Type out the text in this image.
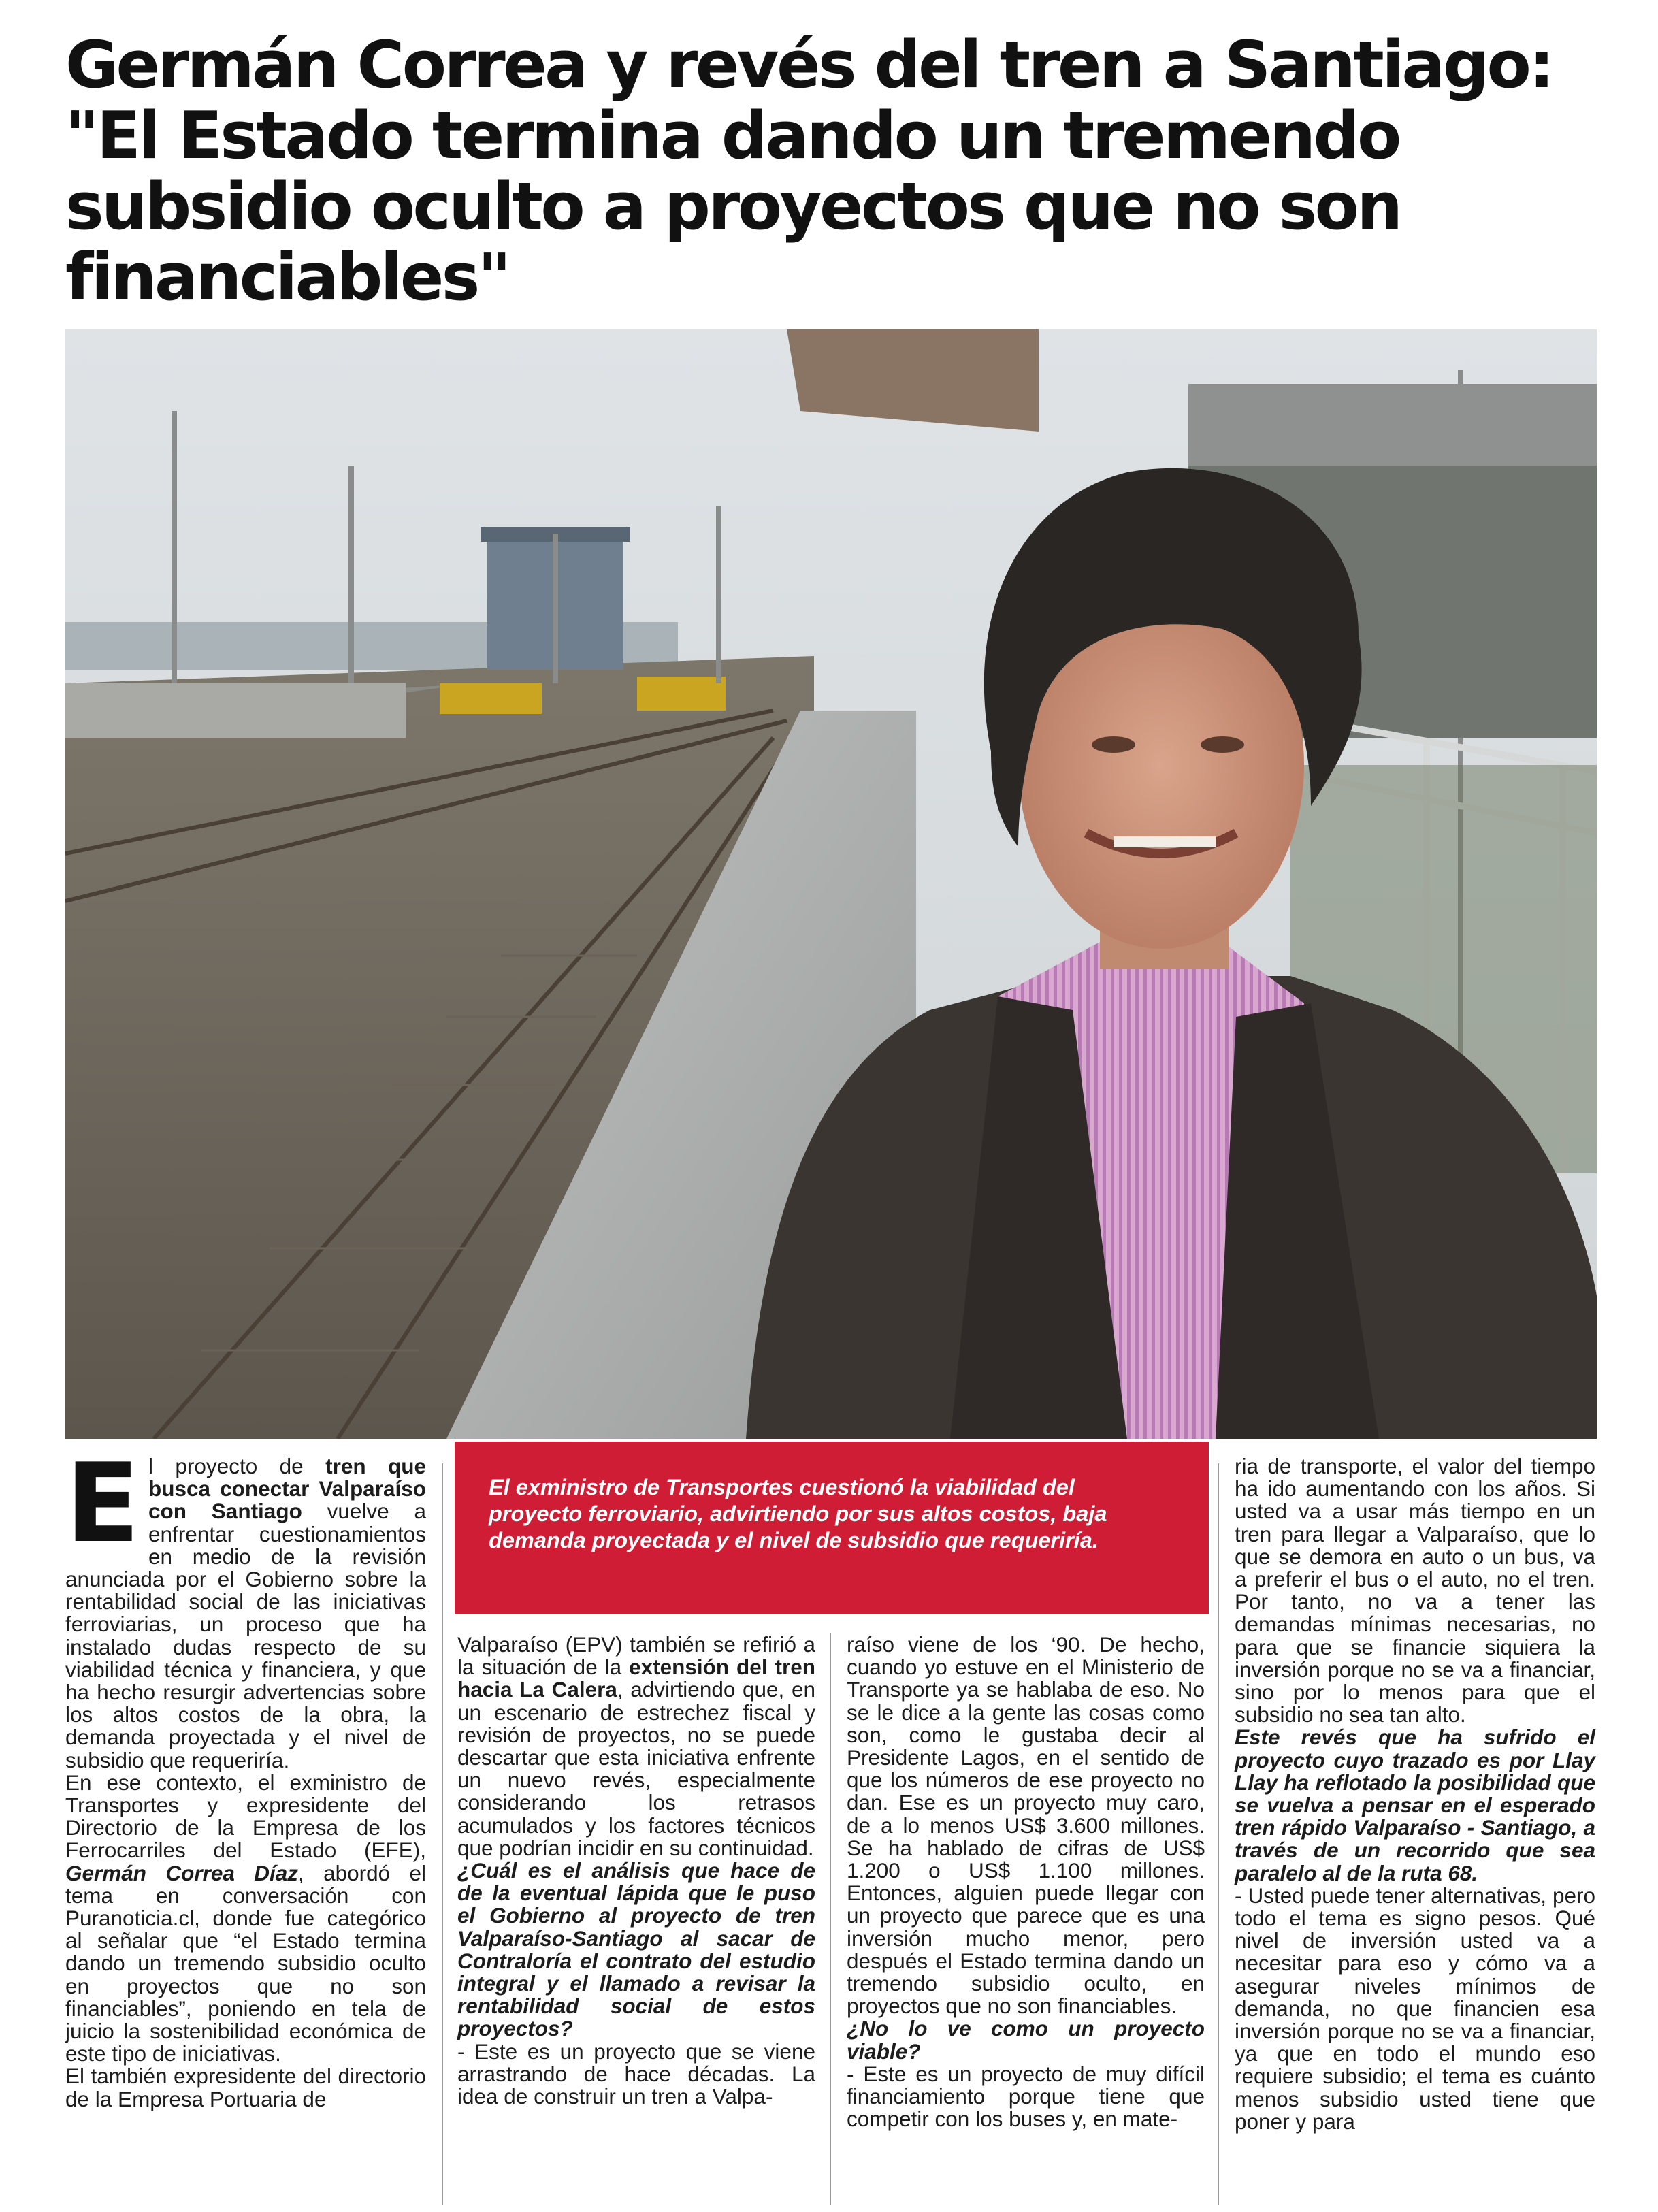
Germán Correa y revés del tren a Santiago: "El Estado termina dando un tremendo subsidio oculto a proyectos que no son financiables"
El exministro de Transportes cuestionó la viabilidad del proyecto ferroviario, advirtiendo por sus altos costos, baja demanda proyectada y el nivel de subsidio que requeriría.

El proyecto de tren que busca conectar Valparaíso con Santiago vuelve a enfrentar cuestionamientos en medio de la revisión anunciada por el Gobierno sobre la rentabilidad social de las iniciativas ferroviarias, un proceso que ha instalado dudas respecto de su viabilidad técnica y financiera, y que ha hecho resurgir advertencias sobre los altos costos de la obra, la demanda proyectada y el nivel de subsidio que requeriría.

En ese contexto, el exministro de Transportes y expresidente del Directorio de la Empresa de los Ferrocarriles del Estado (EFE), Germán Correa Díaz, abordó el tema en conversación con Puranoticia.cl, donde fue categórico al señalar que “el Estado termina dando un tremendo subsidio oculto en proyectos que no son financiables”, poniendo en tela de juicio la sostenibilidad económica de este tipo de iniciativas.

El también expresidente del directorio de la Empresa Portuaria de

Valparaíso (EPV) también se refirió a la situación de la extensión del tren hacia La Calera, advirtiendo que, en un escenario de estrechez fiscal y revisión de proyectos, no se puede descartar que esta iniciativa enfrente un nuevo revés, especialmente considerando los retrasos acumulados y los factores técnicos que podrían incidir en su continuidad.

¿Cuál es el análisis que hace de de la eventual lápida que le puso el Gobierno al proyecto de tren Valparaíso-Santiago al sacar de Contraloría el contrato del estudio integral y el llamado a revisar la rentabilidad social de estos proyectos?

- Este es un proyecto que se viene arrastrando de hace décadas. La idea de construir un tren a Valpa-

raíso viene de los ‘90. De hecho, cuando yo estuve en el Ministerio de Transporte ya se hablaba de eso. No se le dice a la gente las cosas como son, como le gustaba decir al Presidente Lagos, en el sentido de que los números de ese proyecto no dan. Ese es un proyecto muy caro, de a lo menos US$ 3.600 millones. Se ha hablado de cifras de US$ 1.200 o US$ 1.100 millones. Entonces, alguien puede llegar con un proyecto que parece que es una inversión mucho menor, pero después el Estado termina dando un tremendo subsidio oculto, en proyectos que no son financiables.

¿No lo ve como un proyecto viable?

- Este es un proyecto de muy difícil financiamiento porque tiene que competir con los buses y, en mate-

ria de transporte, el valor del tiempo ha ido aumentando con los años. Si usted va a usar más tiempo en un tren para llegar a Valparaíso, que lo que se demora en auto o un bus, va a preferir el bus o el auto, no el tren. Por tanto, no va a tener las demandas mínimas necesarias, no para que se financie siquiera la inversión porque no se va a financiar, sino por lo menos para que el subsidio no sea tan alto.

Este revés que ha sufrido el proyecto cuyo trazado es por Llay Llay ha reflotado la posibilidad que se vuelva a pensar en el esperado tren rápido Valparaíso - Santiago, a través de un recorrido que sea paralelo al de la ruta 68.

- Usted puede tener alternativas, pero todo el tema es signo pesos. Qué nivel de inversión usted va a necesitar para eso y cómo va a asegurar niveles mínimos de demanda, no que financien esa inversión porque no se va a financiar, ya que en todo el mundo eso requiere subsidio; el tema es cuánto menos subsidio usted tiene que poner y para
